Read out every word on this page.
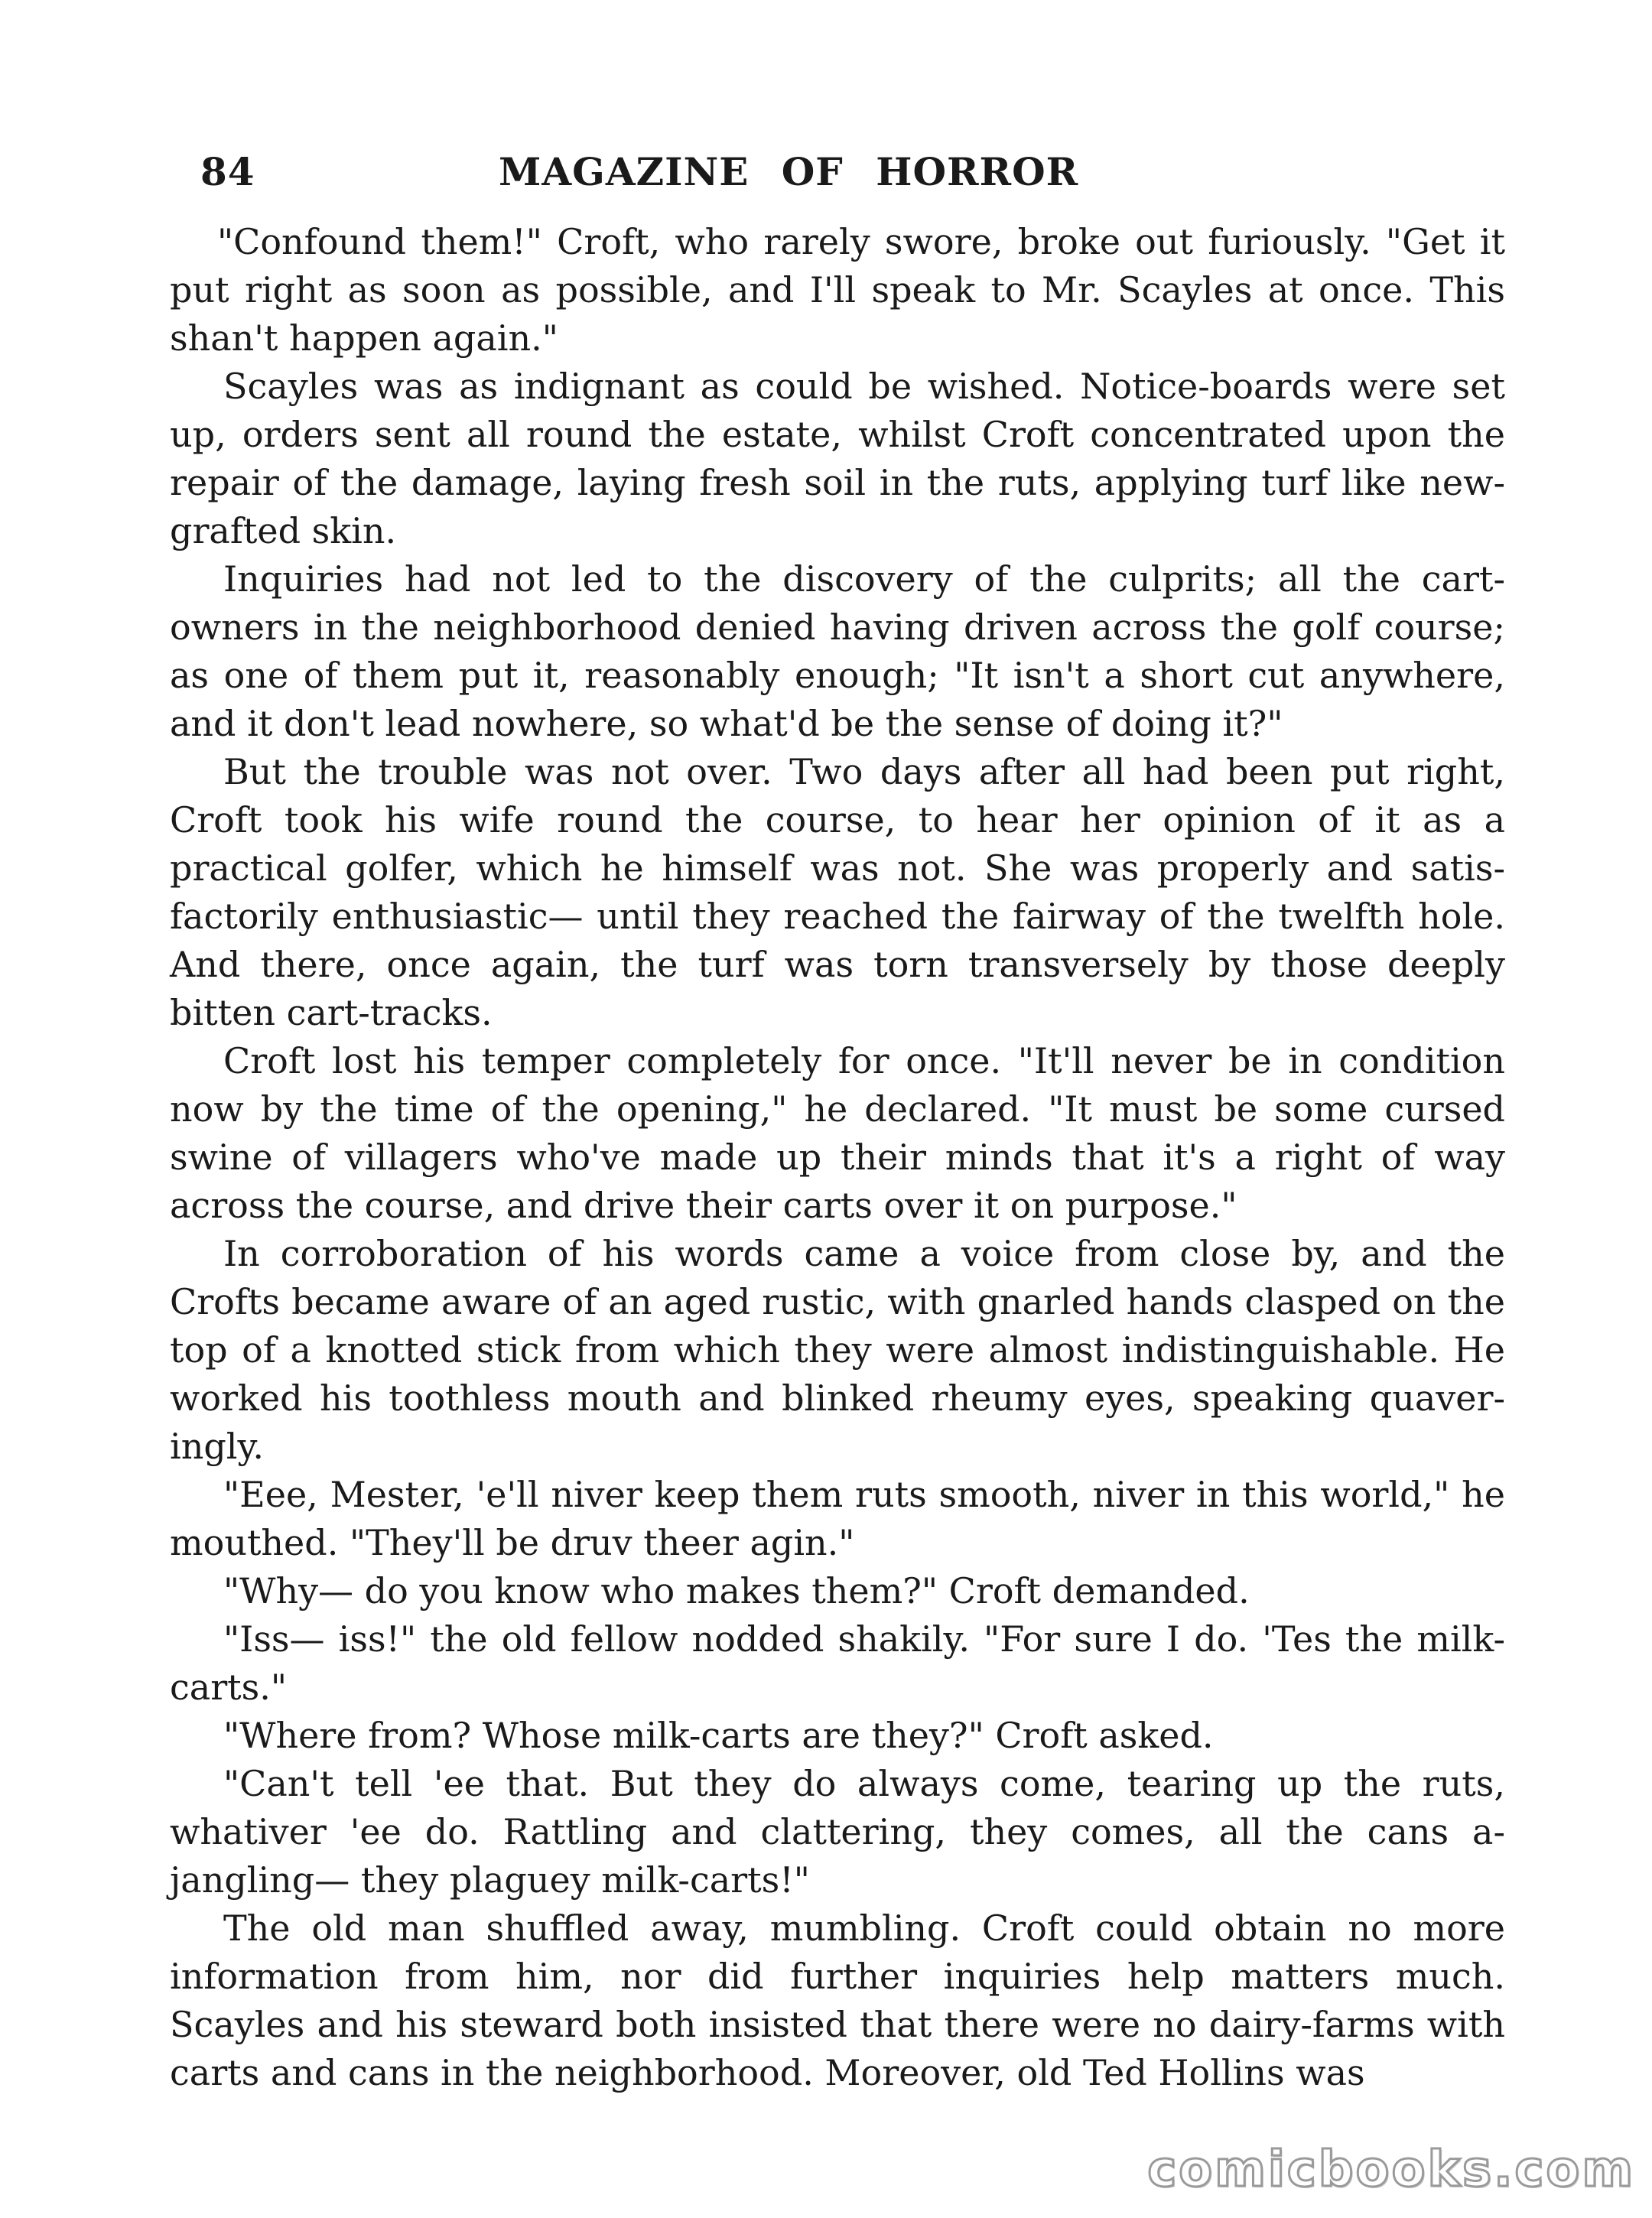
84	MAGAZINE OF HORROR

"Confound them!" Croft, who rarely swore, broke out furiously. "Get it put right as soon as possible, and I'll speak to Mr. Scayles at once. This shan't happen again."

Scayles was as indignant as could be wished. Notice-boards were set up, orders sent all round the estate, whilst Croft concentrated upon the repair of the damage, laying fresh soil in the ruts, applying turf like new-grafted skin.

Inquiries had not led to the discovery of the culprits; all the cart-owners in the neighborhood denied having driven across the golf course; as one of them put it, reasonably enough; "It isn't a short cut anywhere, and it don't lead nowhere, so what'd be the sense of doing it?"

But the trouble was not over. Two days after all had been put right, Croft took his wife round the course, to hear her opinion of it as a practical golfer, which he himself was not. She was properly and satis-factorily enthusiastic— until they reached the fairway of the twelfth hole. And there, once again, the turf was torn transversely by those deeply bitten cart-tracks.

Croft lost his temper completely for once. "It'll never be in condition now by the time of the opening," he declared. "It must be some cursed swine of villagers who've made up their minds that it's a right of way across the course, and drive their carts over it on purpose."

In corroboration of his words came a voice from close by, and the Crofts became aware of an aged rustic, with gnarled hands clasped on the top of a knotted stick from which they were almost indistinguishable. He worked his toothless mouth and blinked rheumy eyes, speaking quaver-ingly.

"Eee, Mester, 'e'll niver keep them ruts smooth, niver in this world," he mouthed. "They'll be druv theer agin."

"Why— do you know who makes them?" Croft demanded.

"Iss— iss!" the old fellow nodded shakily. "For sure I do. 'Tes the milk-carts."

"Where from? Whose milk-carts are they?" Croft asked.

"Can't tell 'ee that. But they do always come, tearing up the ruts, whativer 'ee do. Rattling and clattering, they comes, all the cans a-jangling— they plaguey milk-carts!"

The old man shuffled away, mumbling. Croft could obtain no more information from him, nor did further inquiries help matters much. Scayles and his steward both insisted that there were no dairy-farms with carts and cans in the neighborhood. Moreover, old Ted Hollins was

comicbooks.com
